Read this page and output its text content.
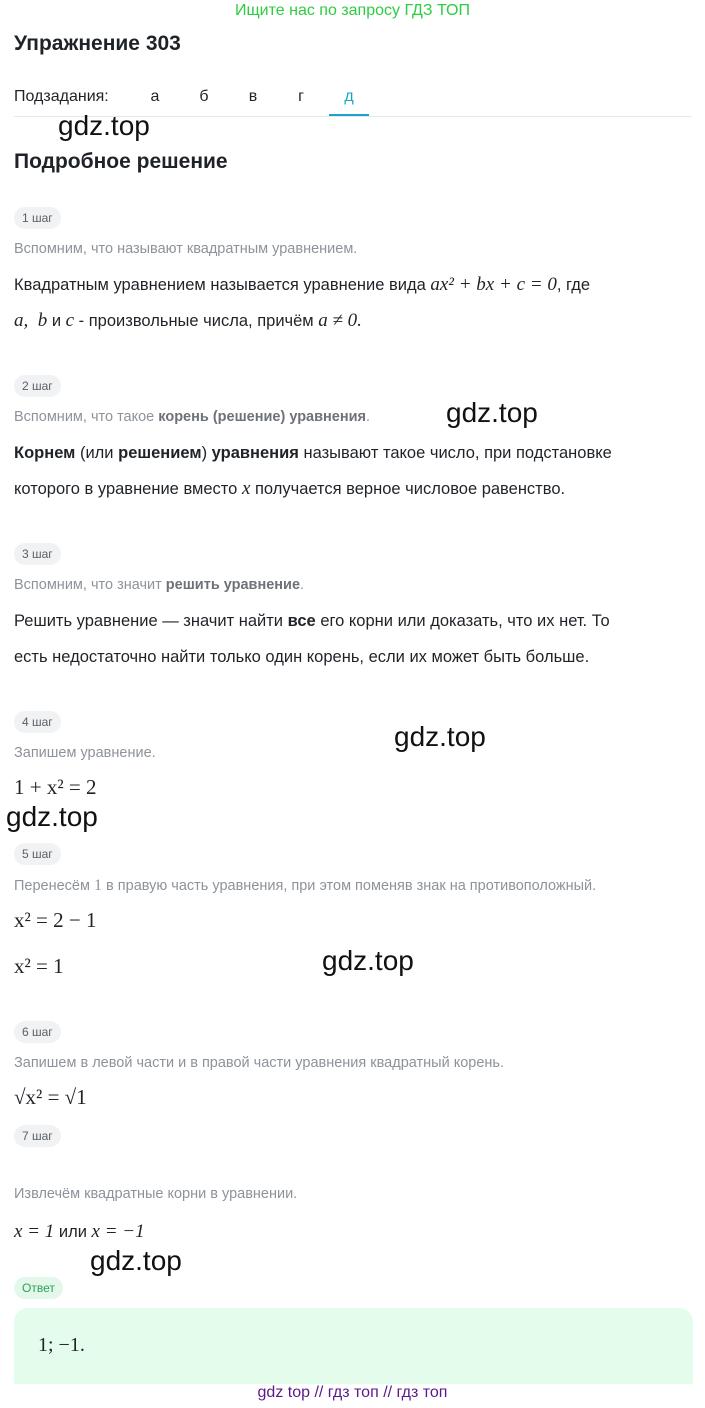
Ищите нас по запросу ГДЗ ТОП
Упражнение 303
Подзадания:	а	б	в	г	д
gdz.top
gdz.top
gdz.top
gdz.top
gdz.top
gdz.top
Подробное решение
1 шаг
Вспомним, что называют квадратным уравнением.
Квадратным уравнением называется уравнение вида ax² + bx + c = 0, где
a,  b и c - произвольные числа, причём a ≠ 0.
2 шаг
Вспомним, что такое корень (решение) уравнения.
Корнем (или решением) уравнения называют такое число, при подстановке
которого в уравнение вместо x получается верное числовое равенство.
3 шаг
Вспомним, что значит решить уравнение.
Решить уравнение — значит найти все его корни или доказать, что их нет. То
есть недостаточно найти только один корень, если их может быть больше.
4 шаг
Запишем уравнение.
1 + x² = 2
5 шаг
Перенесём 1 в правую часть уравнения, при этом поменяв знак на противоположный.
x² = 2 − 1
x² = 1
6 шаг
Запишем в левой части и в правой части уравнения квадратный корень.
√x² = √1
7 шаг
Извлечём квадратные корни в уравнении.
x = 1 или x = −1
Ответ
1; −1.
gdz top // гдз топ // гдз топ
